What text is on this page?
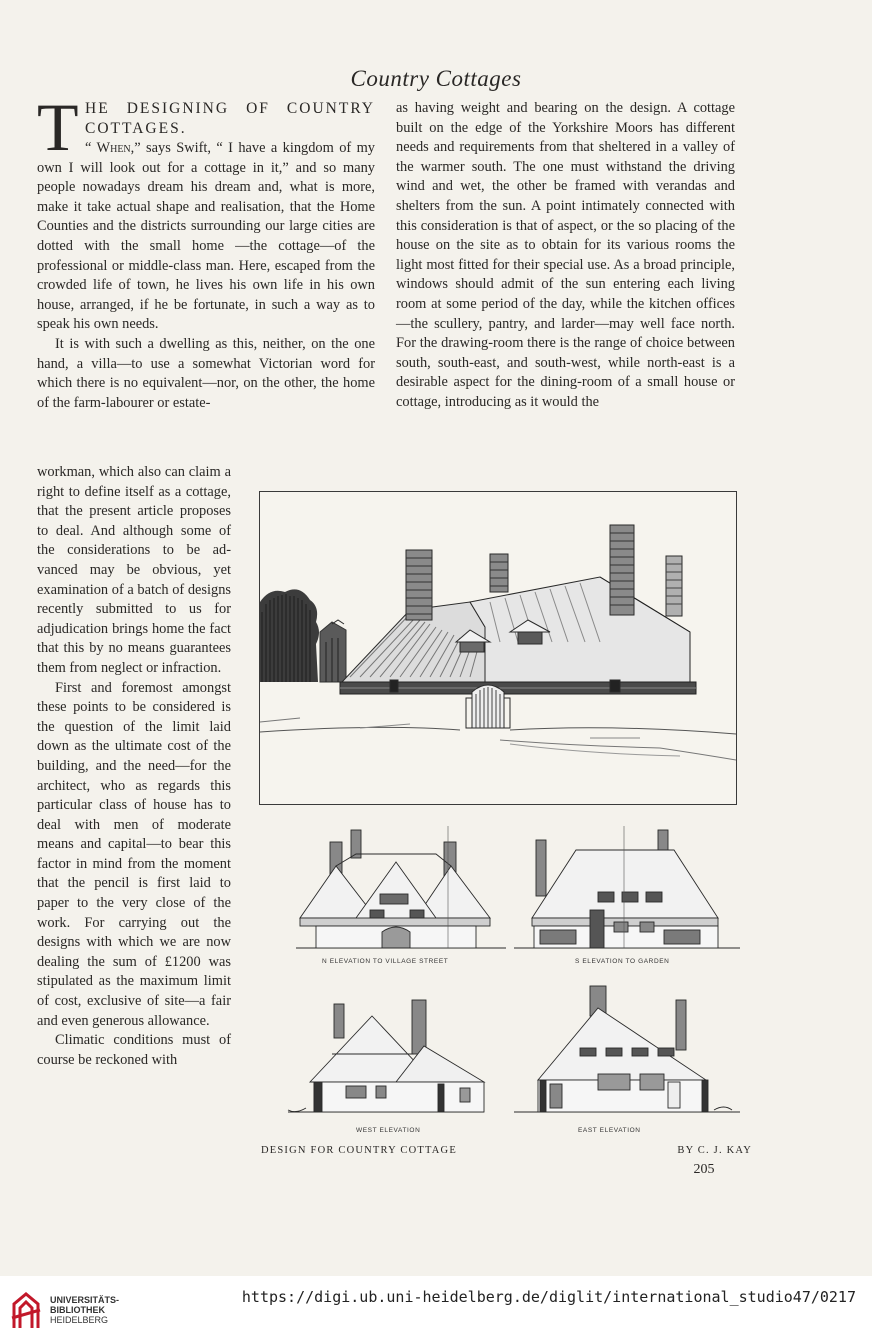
Country Cottages
T HE DESIGNING OF COUNTRY COTTAGES.

“ When,” says Swift, “ I have a kingdom of my own I will look out for a cottage in it,” and so many people nowadays dream his dream and, what is more, make it take actual shape and realisation, that the Home Counties and the districts surrounding our large cities are dotted with the small home —the cottage—of the professional or middle-class man. Here, escaped from the crowded life of town, he lives his own life in his own house, arranged, if he be fortunate, in such a way as to speak his own needs.

It is with such a dwelling as this, neither, on the one hand, a villa—to use a somewhat Victorian word for which there is no equivalent—nor, on the other, the home of the farm-labourer or estate-

workman, which also can claim a right to define itself as a cottage, that the present article proposes to deal. And although some of the considerations to be advanced may be obvious, yet examination of a batch of designs recently submitted to us for adjudication brings home the fact that this by no means guarantees them from neglect or infraction.

First and foremost amongst these points to be considered is the question of the limit laid down as the ultimate cost of the building, and the need—for the architect, who as regards this particular class of house has to deal with men of moderate means and capital—to bear this factor in mind from the moment that the pencil is first laid to paper to the very close of the work. For carrying out the designs with which we are now dealing the sum of £1200 was stipulated as the maximum limit of cost, exclusive of site—a fair and even generous allowance.

Climatic conditions must of course be reckoned with

as having weight and bearing on the design. A cottage built on the edge of the Yorkshire Moors has different needs and requirements from that sheltered in a valley of the warmer south. The one must withstand the driving wind and wet, the other be framed with verandas and shelters from the sun. A point intimately connected with this consideration is that of aspect, or the so placing of the house on the site as to obtain for its various rooms the light most fitted for their special use. As a broad principle, windows should admit of the sun entering each living room at some period of the day, while the kitchen offices—the scullery, pantry, and larder—may well face north. For the drawing-room there is the range of choice between south, south-east, and south-west, while north-east is a desirable aspect for the dining-room of a small house or cottage, introducing as it would the

N ELEVATION TO VILLAGE STREET	S ELEVATION TO GARDEN
WEST ELEVATION	EAST ELEVATION
DESIGN FOR COUNTRY COTTAGE	BY C. J. KAY
205
UNIVERSITÄTS-
BIBLIOTHEK
HEIDELBERG
https://digi.ub.uni-heidelberg.de/diglit/international_studio47/0217
